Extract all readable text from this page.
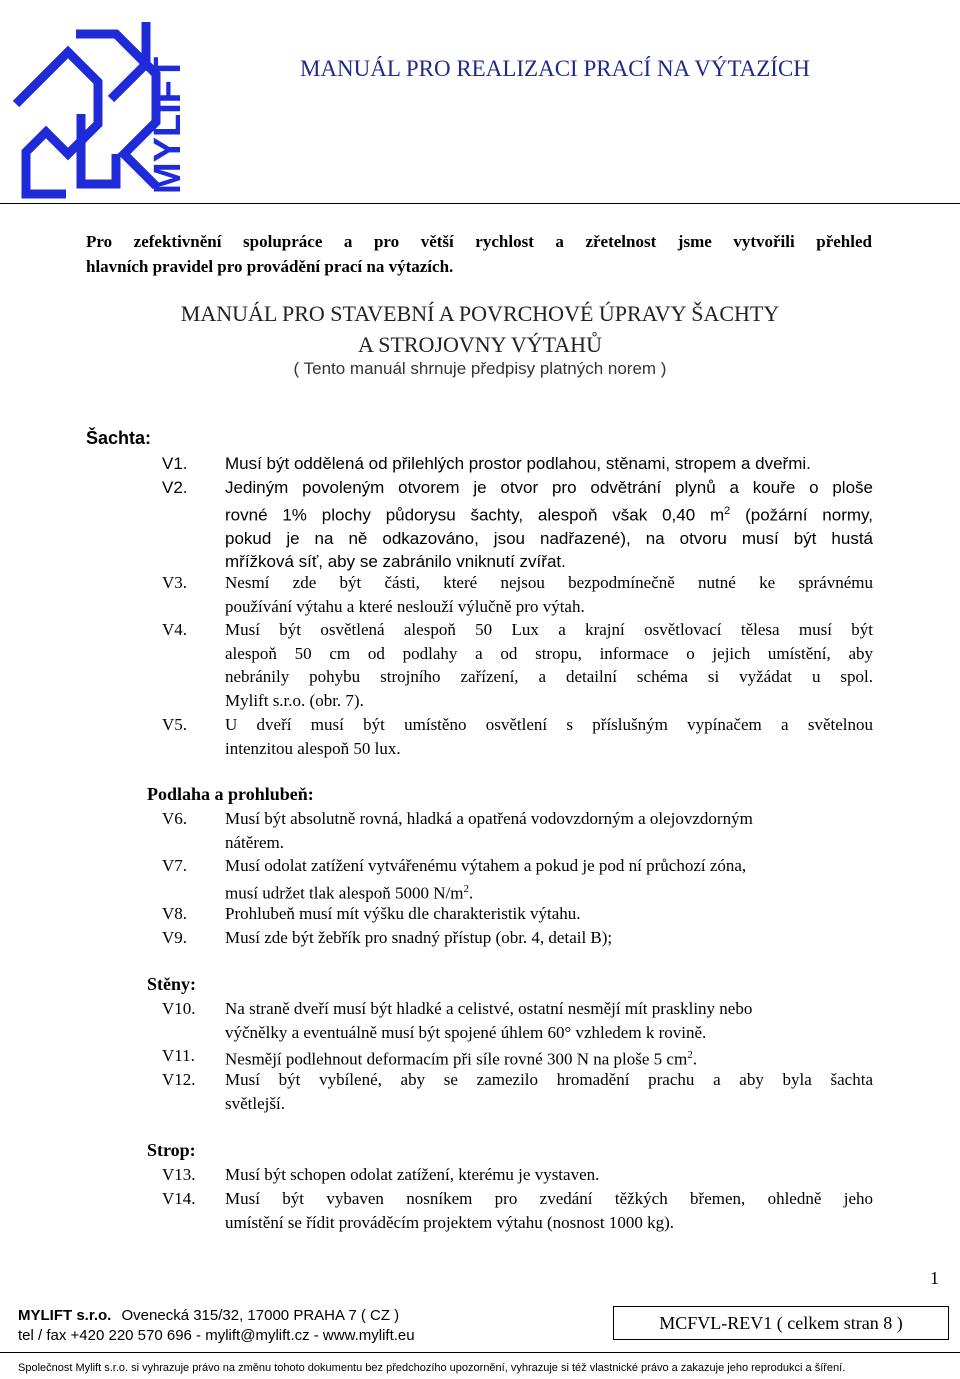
MYLIFT	MANUÁL PRO REALIZACI PRACÍ NA VÝTAZÍCH
Pro zefektivnění spolupráce a pro větší rychlost a zřetelnost jsme vytvořili přehled
hlavních pravidel pro provádění prací na výtazích.
MANUÁL PRO STAVEBNÍ A POVRCHOVÉ ÚPRAVY ŠACHTY
A STROJOVNY VÝTAHŮ
( Tento manuál shrnuje předpisy platných norem )
Šachta:
V1.	Musí být oddělená od přilehlých prostor podlahou, stěnami, stropem a dveřmi.
V2.	Jediným povoleným otvorem je otvor pro odvětrání plynů a kouře o ploše
rovné 1% plochy půdorysu šachty, alespoň však 0,40 $m^2$ (požární normy,
pokud je na ně odkazováno, jsou nadřazené), na otvoru musí být hustá
mřížková síť, aby se zabránilo vniknutí zvířat.
V3.	Nesmí zde být části, které nejsou bezpodmínečně nutné ke správnému
používání výtahu a které neslouží výlučně pro výtah.
V4.	Musí být osvětlená alespoň 50 Lux a krajní osvětlovací tělesa musí být
alespoň 50 cm od podlahy a od stropu, informace o jejich umístění, aby
nebránily pohybu strojního zařízení, a detailní schéma si vyžádat u spol.
Mylift s.r.o. (obr. 7).
V5.	U dveří musí být umístěno osvětlení s příslušným vypínačem a světelnou
intenzitou alespoň 50 lux.
Podlaha a prohlubeň:
V6.	Musí být absolutně rovná, hladká a opatřená vodovzdorným a olejovzdorným
nátěrem.
V7.	Musí odolat zatížení vytvářenému výtahem a pokud je pod ní průchozí zóna,
musí udržet tlak alespoň 5000 $N/m^2$.
V8.	Prohlubeň musí mít výšku dle charakteristik výtahu.
V9.	Musí zde být žebřík pro snadný přístup (obr. 4, detail B);
Stěny:
V10.	Na straně dveří musí být hladké a celistvé, ostatní nesmějí mít praskliny nebo
výčnělky a eventuálně musí být spojené úhlem 60° vzhledem k rovině.
V11.	Nesmějí podlehnout deformacím při síle rovné 300 N na ploše 5 $cm^2$.
V12.	Musí být vybílené, aby se zamezilo hromadění prachu a aby byla šachta
světlejší.
Strop:
V13.	Musí být schopen odolat zatížení, kterému je vystaven.
V14.	Musí být vybaven nosníkem pro zvedání těžkých břemen, ohledně jeho
umístění se řídit prováděcím projektem výtahu (nosnost 1000 kg).
1
MYLIFT s.r.o. Ovenecká 315/32, 17000 PRAHA 7 ( CZ )
tel / fax +420 220 570 696 - mylift@mylift.cz - www.mylift.eu
MCFVL-REV1 ( celkem stran 8 )
Společnost Mylift s.r.o. si vyhrazuje právo na změnu tohoto dokumentu bez předchozího upozornění, vyhrazuje si též vlastnické právo a zakazuje jeho reprodukci a šíření.
